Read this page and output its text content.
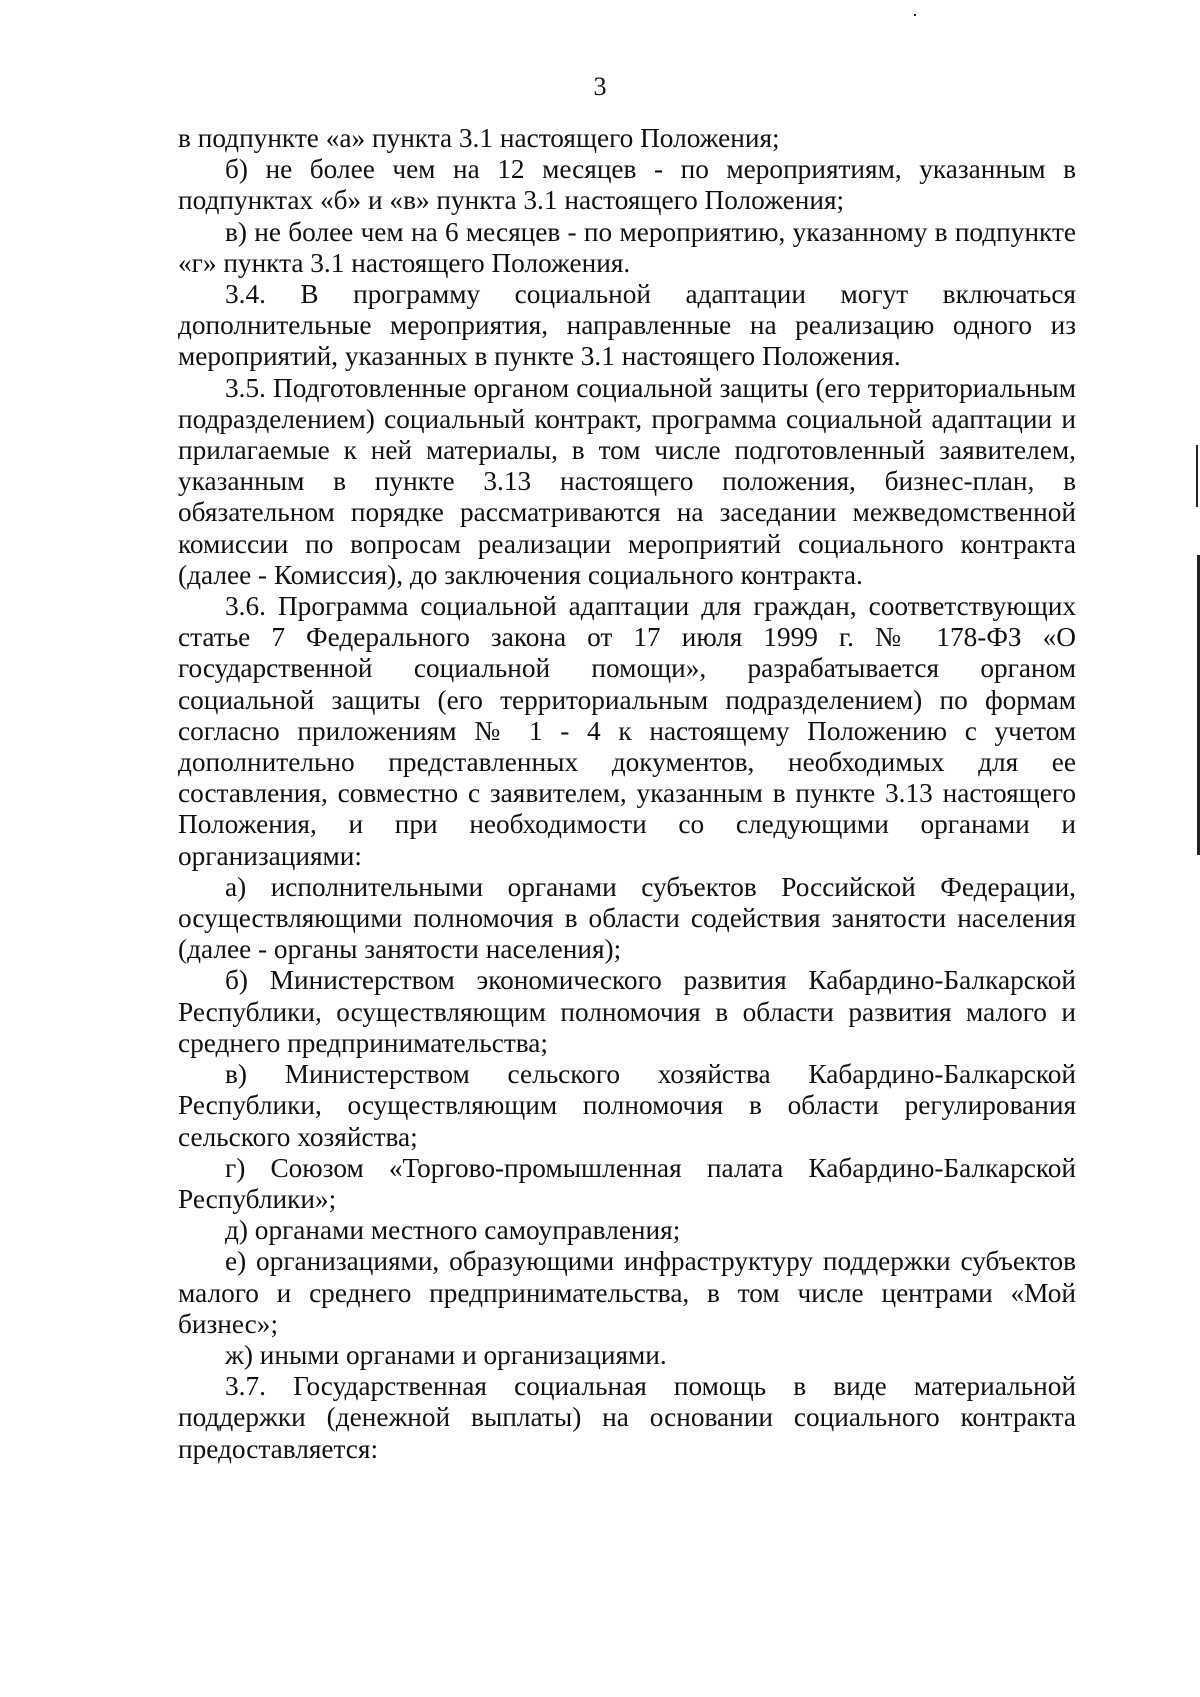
3

в подпункте «а» пункта 3.1 настоящего Положения;

б) не более чем на 12 месяцев - по мероприятиям, указанным в подпунктах «б» и «в» пункта 3.1 настоящего Положения;

в) не более чем на 6 месяцев - по мероприятию, указанному в подпункте «г» пункта 3.1 настоящего Положения.

3.4. В программу социальной адаптации могут включаться дополнительные мероприятия, направленные на реализацию одного из мероприятий, указанных в пункте 3.1 настоящего Положения.

3.5. Подготовленные органом социальной защиты (его территориальным подразделением) социальный контракт, программа социальной адаптации и прилагаемые к ней материалы, в том числе подготовленный заявителем, указанным в пункте 3.13 настоящего положения, бизнес-план, в обязательном порядке рассматриваются на заседании межведомственной комиссии по вопросам реализации мероприятий социального контракта (далее - Комиссия), до заключения социального контракта.

3.6. Программа социальной адаптации для граждан, соответствующих статье 7 Федерального закона от 17 июля 1999 г. № 178-ФЗ «О государственной социальной помощи», разрабатывается органом социальной защиты (его территориальным подразделением) по формам согласно приложениям № 1 - 4 к настоящему Положению с учетом дополнительно представленных документов, необходимых для ее составления, совместно с заявителем, указанным в пункте 3.13 настоящего Положения, и при необходимости со следующими органами и организациями:

а) исполнительными органами субъектов Российской Федерации, осуществляющими полномочия в области содействия занятости населения (далее - органы занятости населения);

б) Министерством экономического развития Кабардино-Балкарской Республики, осуществляющим полномочия в области развития малого и среднего предпринимательства;

в) Министерством сельского хозяйства Кабардино-Балкарской Республики, осуществляющим полномочия в области регулирования сельского хозяйства;

г) Союзом «Торгово-промышленная палата Кабардино-Балкарской Республики»;

д) органами местного самоуправления;

е) организациями, образующими инфраструктуру поддержки субъектов малого и среднего предпринимательства, в том числе центрами «Мой бизнес»;

ж) иными органами и организациями.

3.7. Государственная социальная помощь в виде материальной поддержки (денежной выплаты) на основании социального контракта предоставляется:
